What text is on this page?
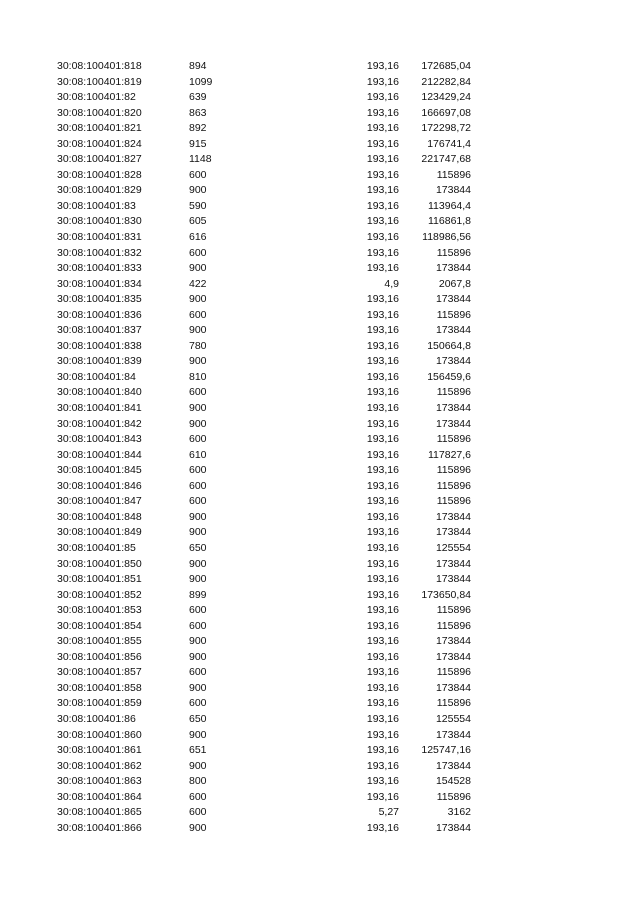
30:08:100401:818	894	193,16 172685,04
30:08:100401:819	1099	193,16 212282,84
30:08:100401:82	639	193,16 123429,24
30:08:100401:820	863	193,16 166697,08
30:08:100401:821	892	193,16 172298,72
30:08:100401:824	915	193,16	176741,4
30:08:100401:827	1148	193,16 221747,68
30:08:100401:828	600	193,16	115896
30:08:100401:829	900	193,16	173844
30:08:100401:83	590	193,16	113964,4
30:08:100401:830	605	193,16	116861,8
30:08:100401:831	616	193,16 118986,56
30:08:100401:832	600	193,16	115896
30:08:100401:833	900	193,16	173844
30:08:100401:834	422	4,9	2067,8
30:08:100401:835	900	193,16	173844
30:08:100401:836	600	193,16	115896
30:08:100401:837	900	193,16	173844
30:08:100401:838	780	193,16	150664,8
30:08:100401:839	900	193,16	173844
30:08:100401:84	810	193,16	156459,6
30:08:100401:840	600	193,16	115896
30:08:100401:841	900	193,16	173844
30:08:100401:842	900	193,16	173844
30:08:100401:843	600	193,16	115896
30:08:100401:844	610	193,16	117827,6
30:08:100401:845	600	193,16	115896
30:08:100401:846	600	193,16	115896
30:08:100401:847	600	193,16	115896
30:08:100401:848	900	193,16	173844
30:08:100401:849	900	193,16	173844
30:08:100401:85	650	193,16	125554
30:08:100401:850	900	193,16	173844
30:08:100401:851	900	193,16	173844
30:08:100401:852	899	193,16 173650,84
30:08:100401:853	600	193,16	115896
30:08:100401:854	600	193,16	115896
30:08:100401:855	900	193,16	173844
30:08:100401:856	900	193,16	173844
30:08:100401:857	600	193,16	115896
30:08:100401:858	900	193,16	173844
30:08:100401:859	600	193,16	115896
30:08:100401:86	650	193,16	125554
30:08:100401:860	900	193,16	173844
30:08:100401:861	651	193,16 125747,16
30:08:100401:862	900	193,16	173844
30:08:100401:863	800	193,16	154528
30:08:100401:864	600	193,16	115896
30:08:100401:865	600	5,27	3162
30:08:100401:866	900	193,16	173844
